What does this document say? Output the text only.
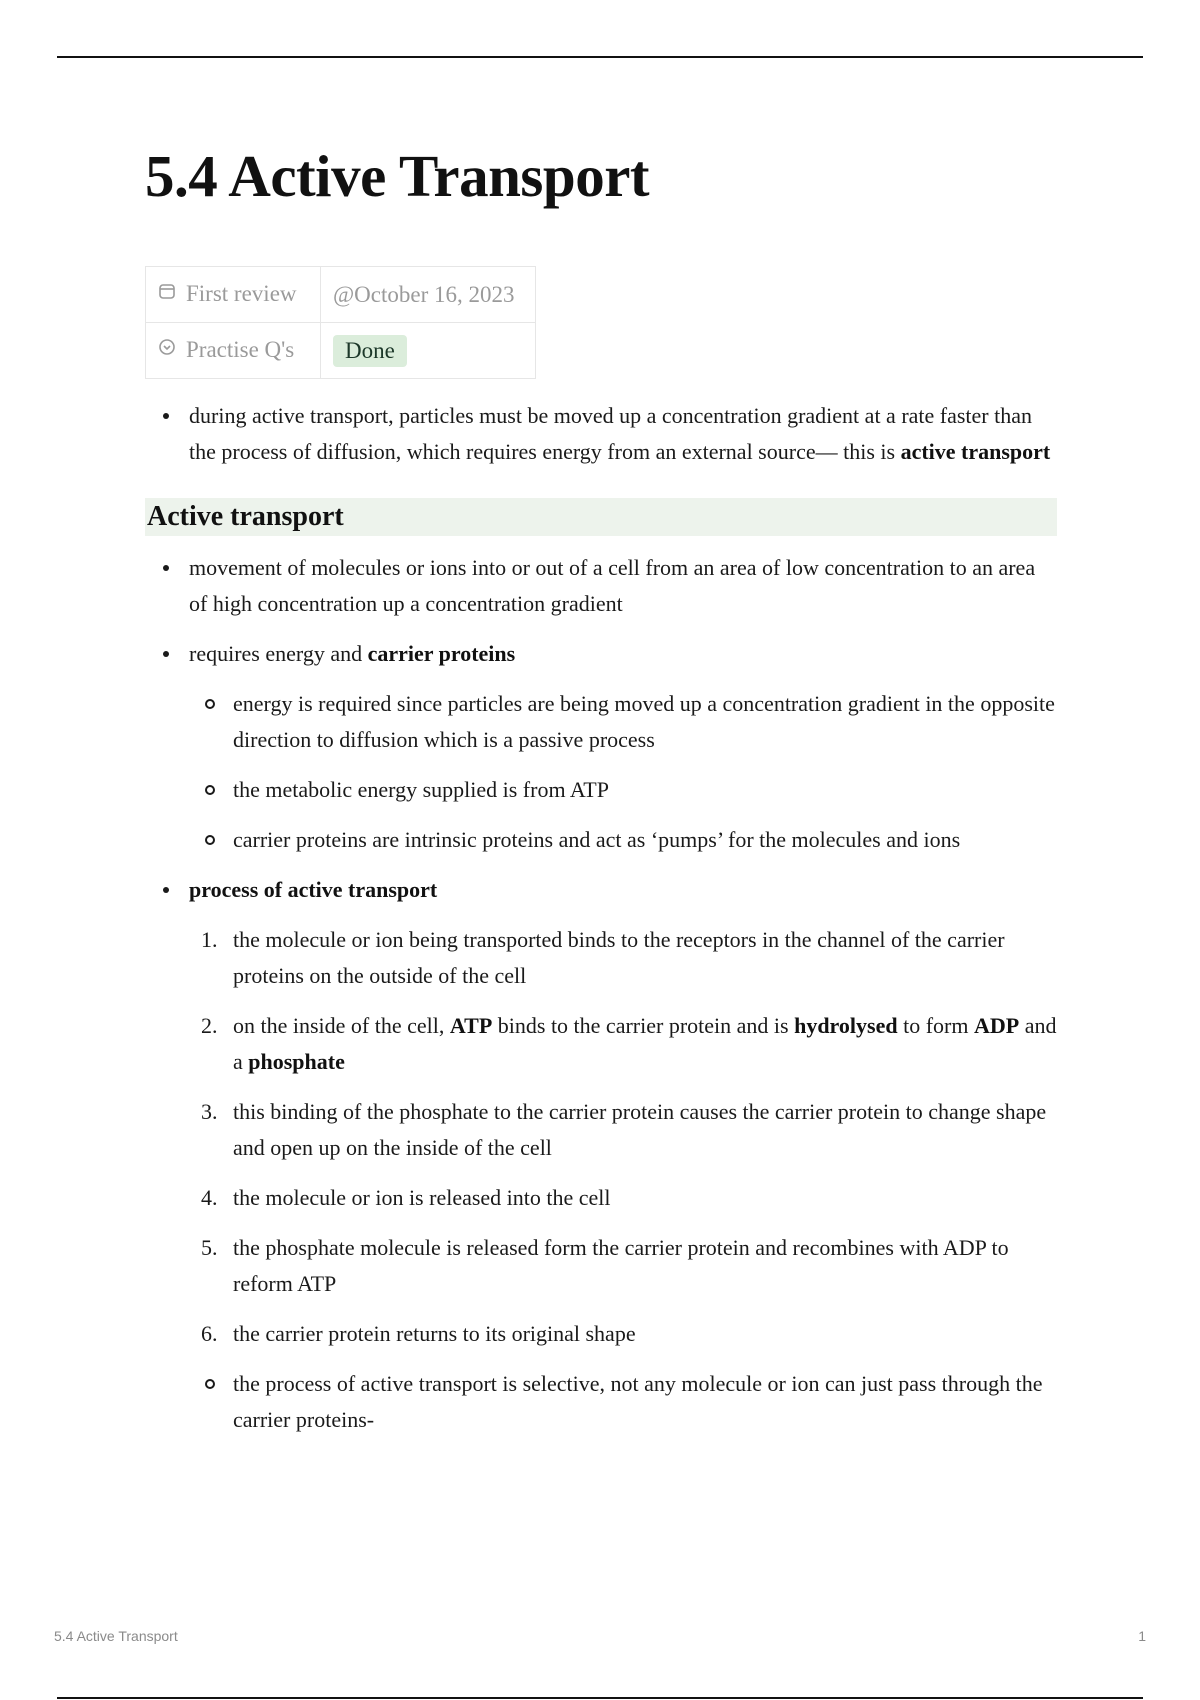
5.4 Active Transport
First review	@October 16, 2023
Practise Q's	Done
during active transport, particles must be moved up a concentration gradient at a rate faster than the process of diffusion, which requires energy from an external source— this is active transport
Active transport
movement of molecules or ions into or out of a cell from an area of low concentration to an area of high concentration up a concentration gradient
requires energy and carrier proteins
energy is required since particles are being moved up a concentration gradient in the opposite direction to diffusion which is a passive process
the metabolic energy supplied is from ATP
carrier proteins are intrinsic proteins and act as ‘pumps’ for the molecules and ions
process of active transport
1. the molecule or ion being transported binds to the receptors in the channel of the carrier proteins on the outside of the cell
2. on the inside of the cell, ATP binds to the carrier protein and is hydrolysed to form ADP and a phosphate
3. this binding of the phosphate to the carrier protein causes the carrier protein to change shape and open up on the inside of the cell
4. the molecule or ion is released into the cell
5. the phosphate molecule is released form the carrier protein and recombines with ADP to reform ATP
6. the carrier protein returns to its original shape
the process of active transport is selective, not any molecule or ion can just pass through the carrier proteins-
5.4 Active Transport	1
